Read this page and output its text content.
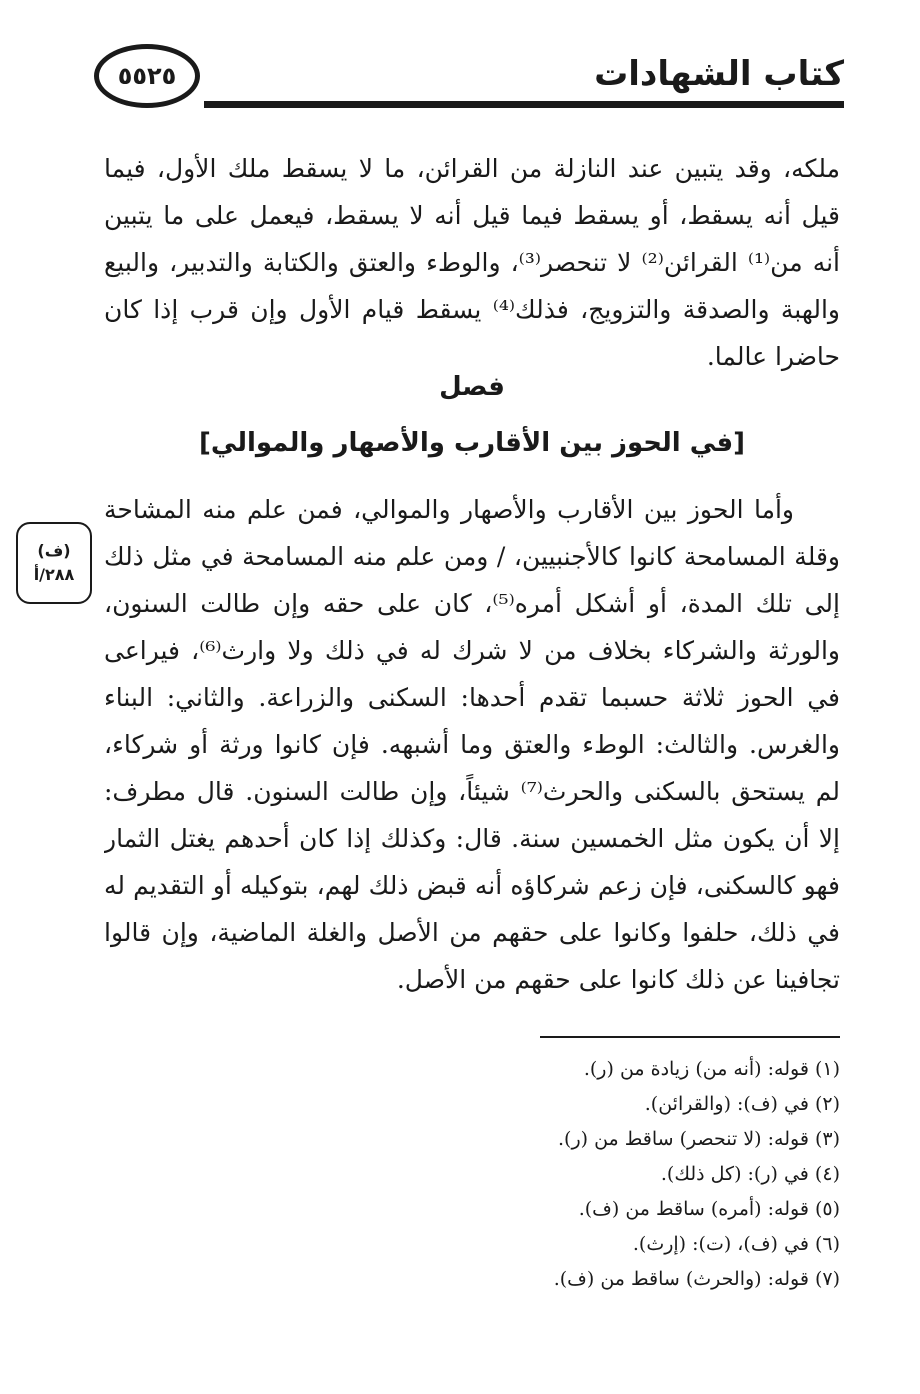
٥٥٢٥	كتاب الشهادات

ملكه، وقد يتبين عند النازلة من القرائن، ما لا يسقط ملك الأول، فيما قيل أنه يسقط، أو يسقط فيما قيل أنه لا يسقط، فيعمل على ما يتبين أنه من⁽¹⁾ القرائن⁽²⁾ لا تنحصر⁽³⁾، والوطء والعتق والكتابة والتدبير، والبيع والهبة والصدقة والتزويج، فذلك⁽⁴⁾ يسقط قيام الأول وإن قرب إذا كان حاضرا عالما.

فصل
[في الحوز بين الأقارب والأصهار والموالي]
(ف)
٢٨٨/أ

وأما الحوز بين الأقارب والأصهار والموالي، فمن علم منه المشاحة وقلة المسامحة كانوا كالأجنبيين، / ومن علم منه المسامحة في مثل ذلك إلى تلك المدة، أو أشكل أمره⁽⁵⁾، كان على حقه وإن طالت السنون، والورثة والشركاء بخلاف من لا شرك له في ذلك ولا وارث⁽⁶⁾، فيراعى في الحوز ثلاثة حسبما تقدم أحدها: السكنى والزراعة. والثاني: البناء والغرس. والثالث: الوطء والعتق وما أشبهه. فإن كانوا ورثة أو شركاء، لم يستحق بالسكنى والحرث⁽⁷⁾ شيئاً، وإن طالت السنون. قال مطرف: إلا أن يكون مثل الخمسين سنة. قال: وكذلك إذا كان أحدهم يغتل الثمار فهو كالسكنى، فإن زعم شركاؤه أنه قبض ذلك لهم، بتوكيله أو التقديم له في ذلك، حلفوا وكانوا على حقهم من الأصل والغلة الماضية، وإن قالوا تجافينا عن ذلك كانوا على حقهم من الأصل.

(١) قوله: (أنه من) زيادة من (ر).
(٢) في (ف): (والقرائن).
(٣) قوله: (لا تنحصر) ساقط من (ر).
(٤) في (ر): (كل ذلك).
(٥) قوله: (أمره) ساقط من (ف).
(٦) في (ف)، (ت): (إرث).
(٧) قوله: (والحرث) ساقط من (ف).
